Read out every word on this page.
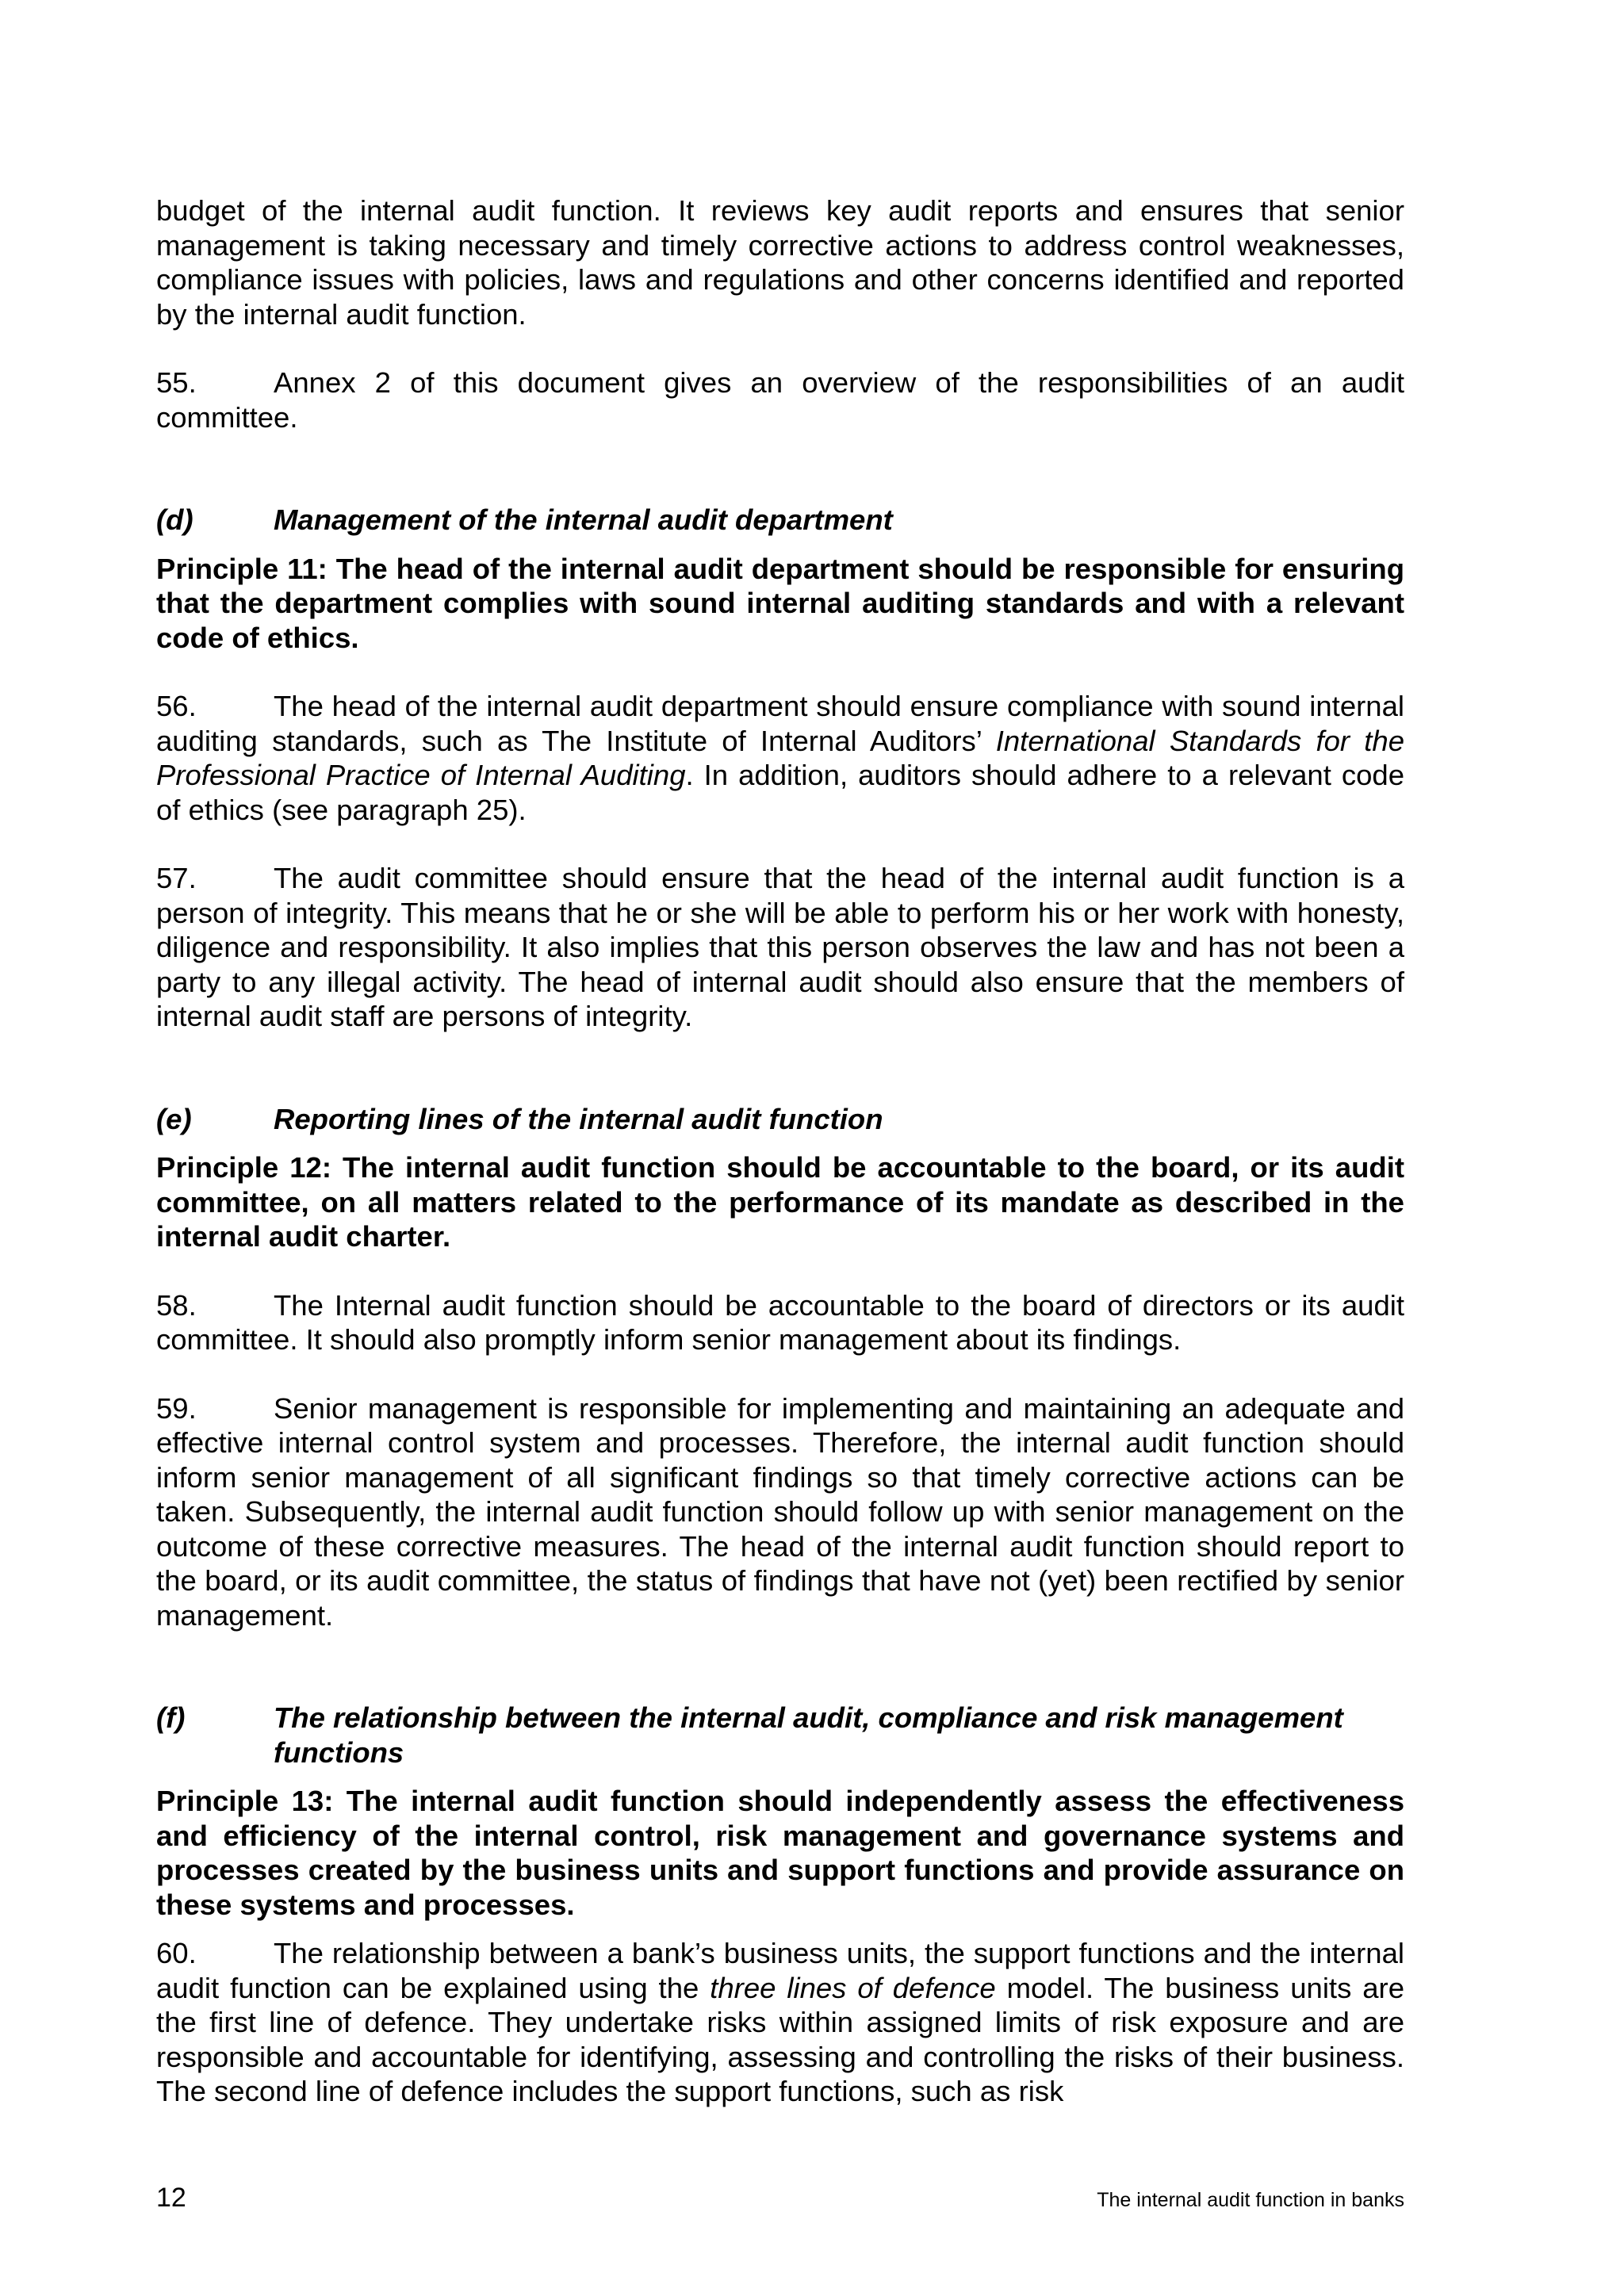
budget of the internal audit function. It reviews key audit reports and ensures that senior management is taking necessary and timely corrective actions to address control weaknesses, compliance issues with policies, laws and regulations and other concerns identified and reported by the internal audit function.

55.	Annex 2 of this document gives an overview of the responsibilities of an audit committee.

(d)	Management of the internal audit department

Principle 11: The head of the internal audit department should be responsible for ensuring that the department complies with sound internal auditing standards and with a relevant code of ethics.

56.	The head of the internal audit department should ensure compliance with sound internal auditing standards, such as The Institute of Internal Auditors’ International Standards for the Professional Practice of Internal Auditing. In addition, auditors should adhere to a relevant code of ethics (see paragraph 25).

57.	The audit committee should ensure that the head of the internal audit function is a person of integrity. This means that he or she will be able to perform his or her work with honesty, diligence and responsibility. It also implies that this person observes the law and has not been a party to any illegal activity. The head of internal audit should also ensure that the members of internal audit staff are persons of integrity.

(e)	Reporting lines of the internal audit function

Principle 12: The internal audit function should be accountable to the board, or its audit committee, on all matters related to the performance of its mandate as described in the internal audit charter.

58.	The Internal audit function should be accountable to the board of directors or its audit committee. It should also promptly inform senior management about its findings.

59.	Senior management is responsible for implementing and maintaining an adequate and effective internal control system and processes. Therefore, the internal audit function should inform senior management of all significant findings so that timely corrective actions can be taken. Subsequently, the internal audit function should follow up with senior management on the outcome of these corrective measures. The head of the internal audit function should report to the board, or its audit committee, the status of findings that have not (yet) been rectified by senior management.

(f)	The relationship between the internal audit, compliance and risk management functions

Principle 13: The internal audit function should independently assess the effectiveness and efficiency of the internal control, risk management and governance systems and processes created by the business units and support functions and provide assurance on these systems and processes.

60.	The relationship between a bank’s business units, the support functions and the internal audit function can be explained using the three lines of defence model. The business units are the first line of defence. They undertake risks within assigned limits of risk exposure and are responsible and accountable for identifying, assessing and controlling the risks of their business. The second line of defence includes the support functions, such as risk

12	The internal audit function in banks
